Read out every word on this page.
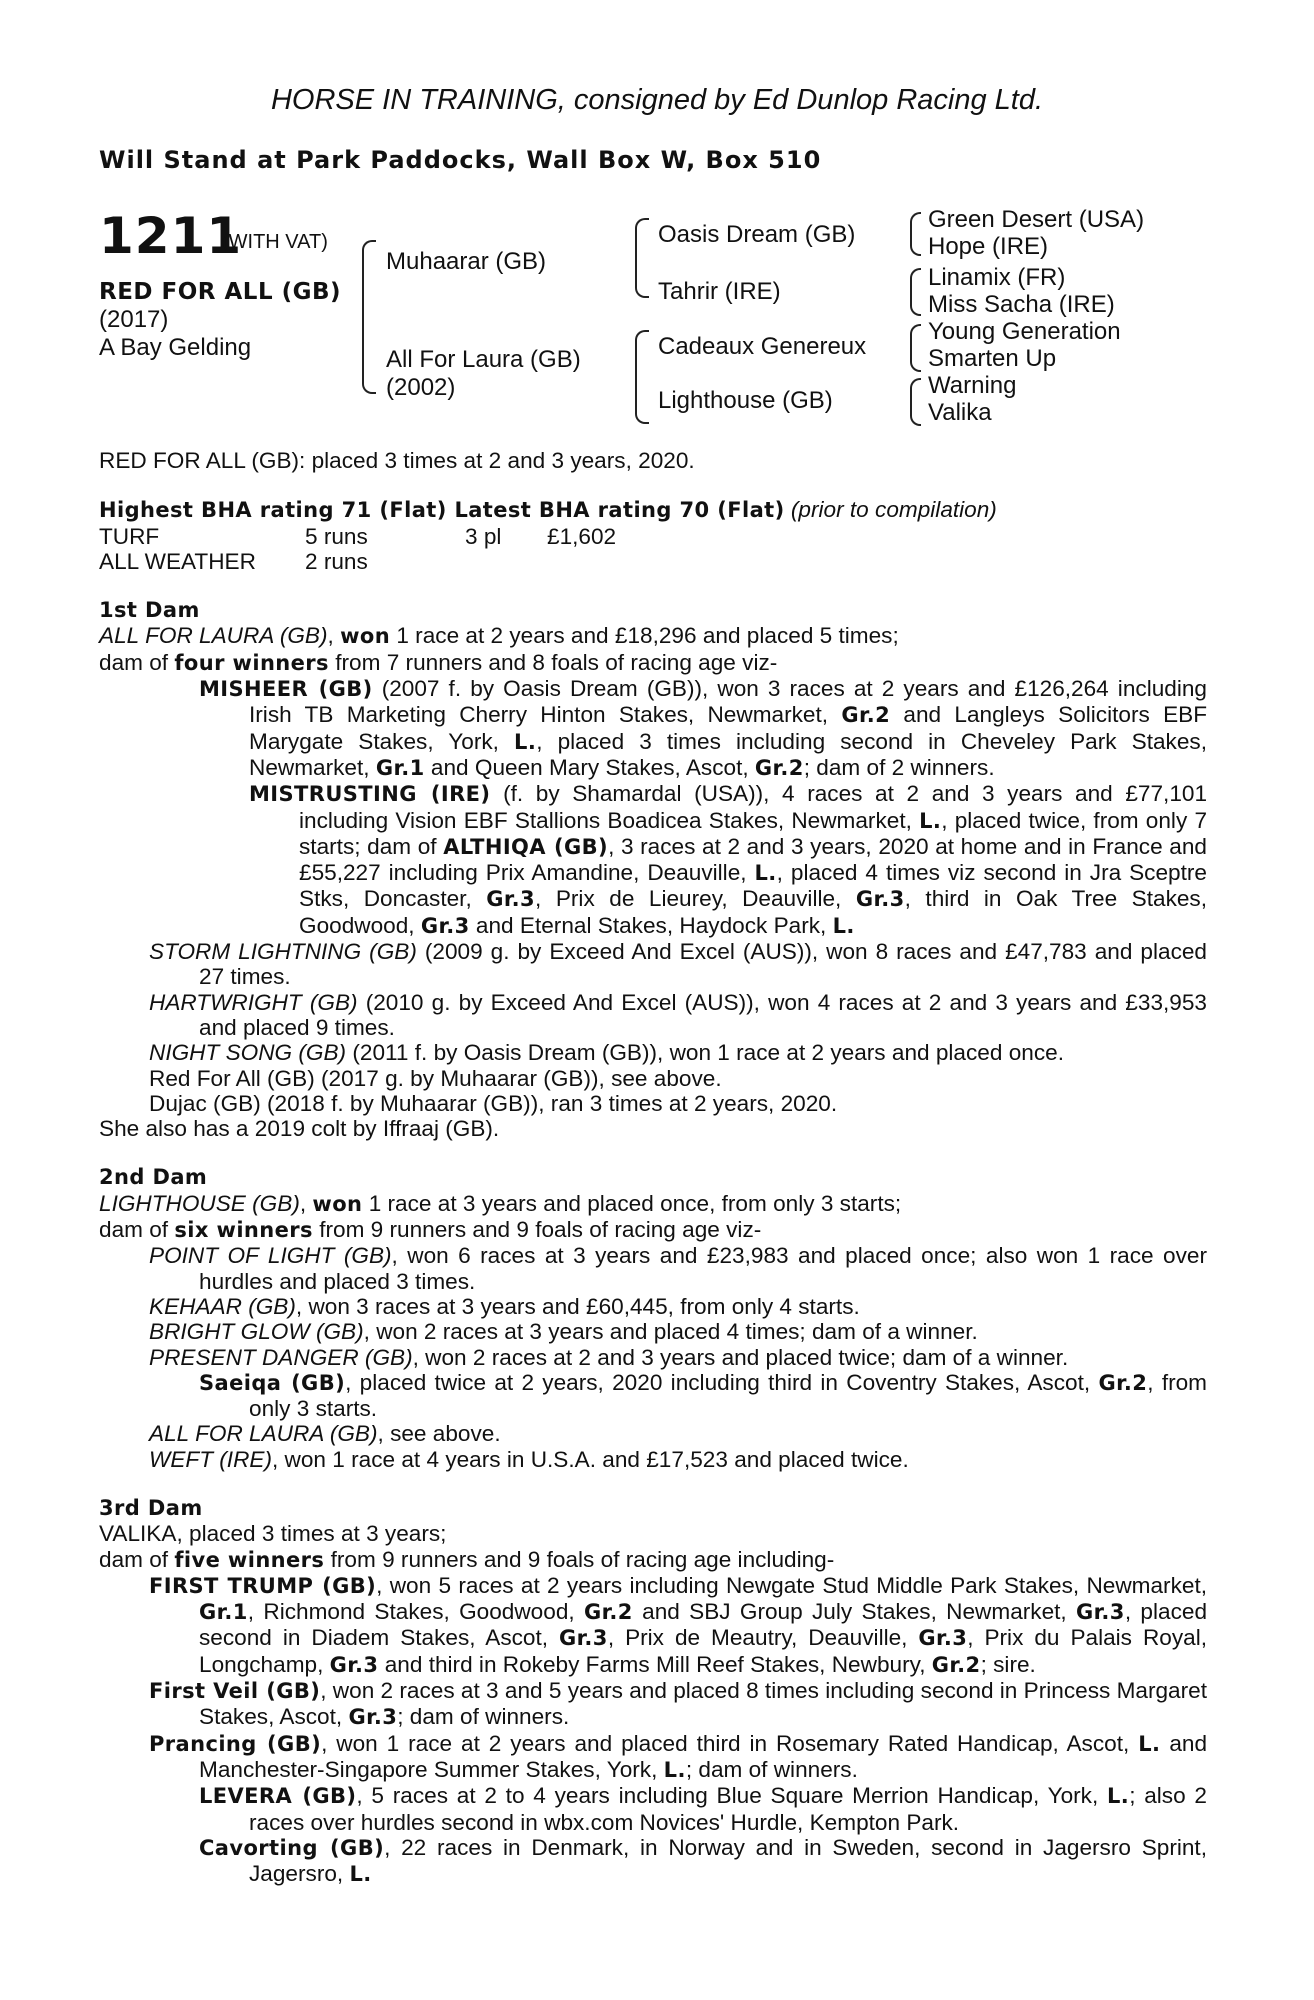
HORSE IN TRAINING, consigned by Ed Dunlop Racing Ltd.
Will Stand at Park Paddocks, Wall Box W, Box 510
1211
(WITH VAT)
RED FOR ALL (GB)
(2017)
A Bay Gelding
Muhaarar (GB)
All For Laura (GB)
(2002)
Oasis Dream (GB)
Tahrir (IRE)
Cadeaux Genereux
Lighthouse (GB)
Green Desert (USA)
Hope (IRE)
Linamix (FR)
Miss Sacha (IRE)
Young Generation
Smarten Up
Warning
Valika

RED FOR ALL (GB): placed 3 times at 2 and 3 years, 2020.

Highest BHA rating 71 (Flat) Latest BHA rating 70 (Flat) (prior to compilation)

TURF	5 runs	3 pl £1,602

ALL WEATHER 2 runs

1st Dam

ALL FOR LAURA (GB), won 1 race at 2 years and £18,296 and placed 5 times;

dam of four winners from 7 runners and 8 foals of racing age viz-

MISHEER (GB) (2007 f. by Oasis Dream (GB)), won 3 races at 2 years and £126,264 including Irish TB Marketing Cherry Hinton Stakes, Newmarket, Gr.2 and Langleys Solicitors EBF Marygate Stakes, York, L., placed 3 times including second in Cheveley Park Stakes, Newmarket, Gr.1 and Queen Mary Stakes, Ascot, Gr.2; dam of 2 winners.

MISTRUSTING (IRE) (f. by Shamardal (USA)), 4 races at 2 and 3 years and £77,101 including Vision EBF Stallions Boadicea Stakes, Newmarket, L., placed twice, from only 7 starts; dam of ALTHIQA (GB), 3 races at 2 and 3 years, 2020 at home and in France and £55,227 including Prix Amandine, Deauville, L., placed 4 times viz second in Jra Sceptre Stks, Doncaster, Gr.3, Prix de Lieurey, Deauville, Gr.3, third in Oak Tree Stakes, Goodwood, Gr.3 and Eternal Stakes, Haydock Park, L.

STORM LIGHTNING (GB) (2009 g. by Exceed And Excel (AUS)), won 8 races and £47,783 and placed 27 times.

HARTWRIGHT (GB) (2010 g. by Exceed And Excel (AUS)), won 4 races at 2 and 3 years and £33,953 and placed 9 times.

NIGHT SONG (GB) (2011 f. by Oasis Dream (GB)), won 1 race at 2 years and placed once.

Red For All (GB) (2017 g. by Muhaarar (GB)), see above.

Dujac (GB) (2018 f. by Muhaarar (GB)), ran 3 times at 2 years, 2020.

She also has a 2019 colt by Iffraaj (GB).

2nd Dam

LIGHTHOUSE (GB), won 1 race at 3 years and placed once, from only 3 starts;

dam of six winners from 9 runners and 9 foals of racing age viz-

POINT OF LIGHT (GB), won 6 races at 3 years and £23,983 and placed once; also won 1 race over hurdles and placed 3 times.

KEHAAR (GB), won 3 races at 3 years and £60,445, from only 4 starts.

BRIGHT GLOW (GB), won 2 races at 3 years and placed 4 times; dam of a winner.

PRESENT DANGER (GB), won 2 races at 2 and 3 years and placed twice; dam of a winner.

Saeiqa (GB), placed twice at 2 years, 2020 including third in Coventry Stakes, Ascot, Gr.2, from only 3 starts.

ALL FOR LAURA (GB), see above.

WEFT (IRE), won 1 race at 4 years in U.S.A. and £17,523 and placed twice.

3rd Dam

VALIKA, placed 3 times at 3 years;

dam of five winners from 9 runners and 9 foals of racing age including-

FIRST TRUMP (GB), won 5 races at 2 years including Newgate Stud Middle Park Stakes, Newmarket, Gr.1, Richmond Stakes, Goodwood, Gr.2 and SBJ Group July Stakes, Newmarket, Gr.3, placed second in Diadem Stakes, Ascot, Gr.3, Prix de Meautry, Deauville, Gr.3, Prix du Palais Royal, Longchamp, Gr.3 and third in Rokeby Farms Mill Reef Stakes, Newbury, Gr.2; sire.

First Veil (GB), won 2 races at 3 and 5 years and placed 8 times including second in Princess Margaret Stakes, Ascot, Gr.3; dam of winners.

Prancing (GB), won 1 race at 2 years and placed third in Rosemary Rated Handicap, Ascot, L. and Manchester-Singapore Summer Stakes, York, L.; dam of winners.

LEVERA (GB), 5 races at 2 to 4 years including Blue Square Merrion Handicap, York, L.; also 2 races over hurdles second in wbx.com Novices' Hurdle, Kempton Park.

Cavorting (GB), 22 races in Denmark, in Norway and in Sweden, second in Jagersro Sprint, Jagersro, L.
